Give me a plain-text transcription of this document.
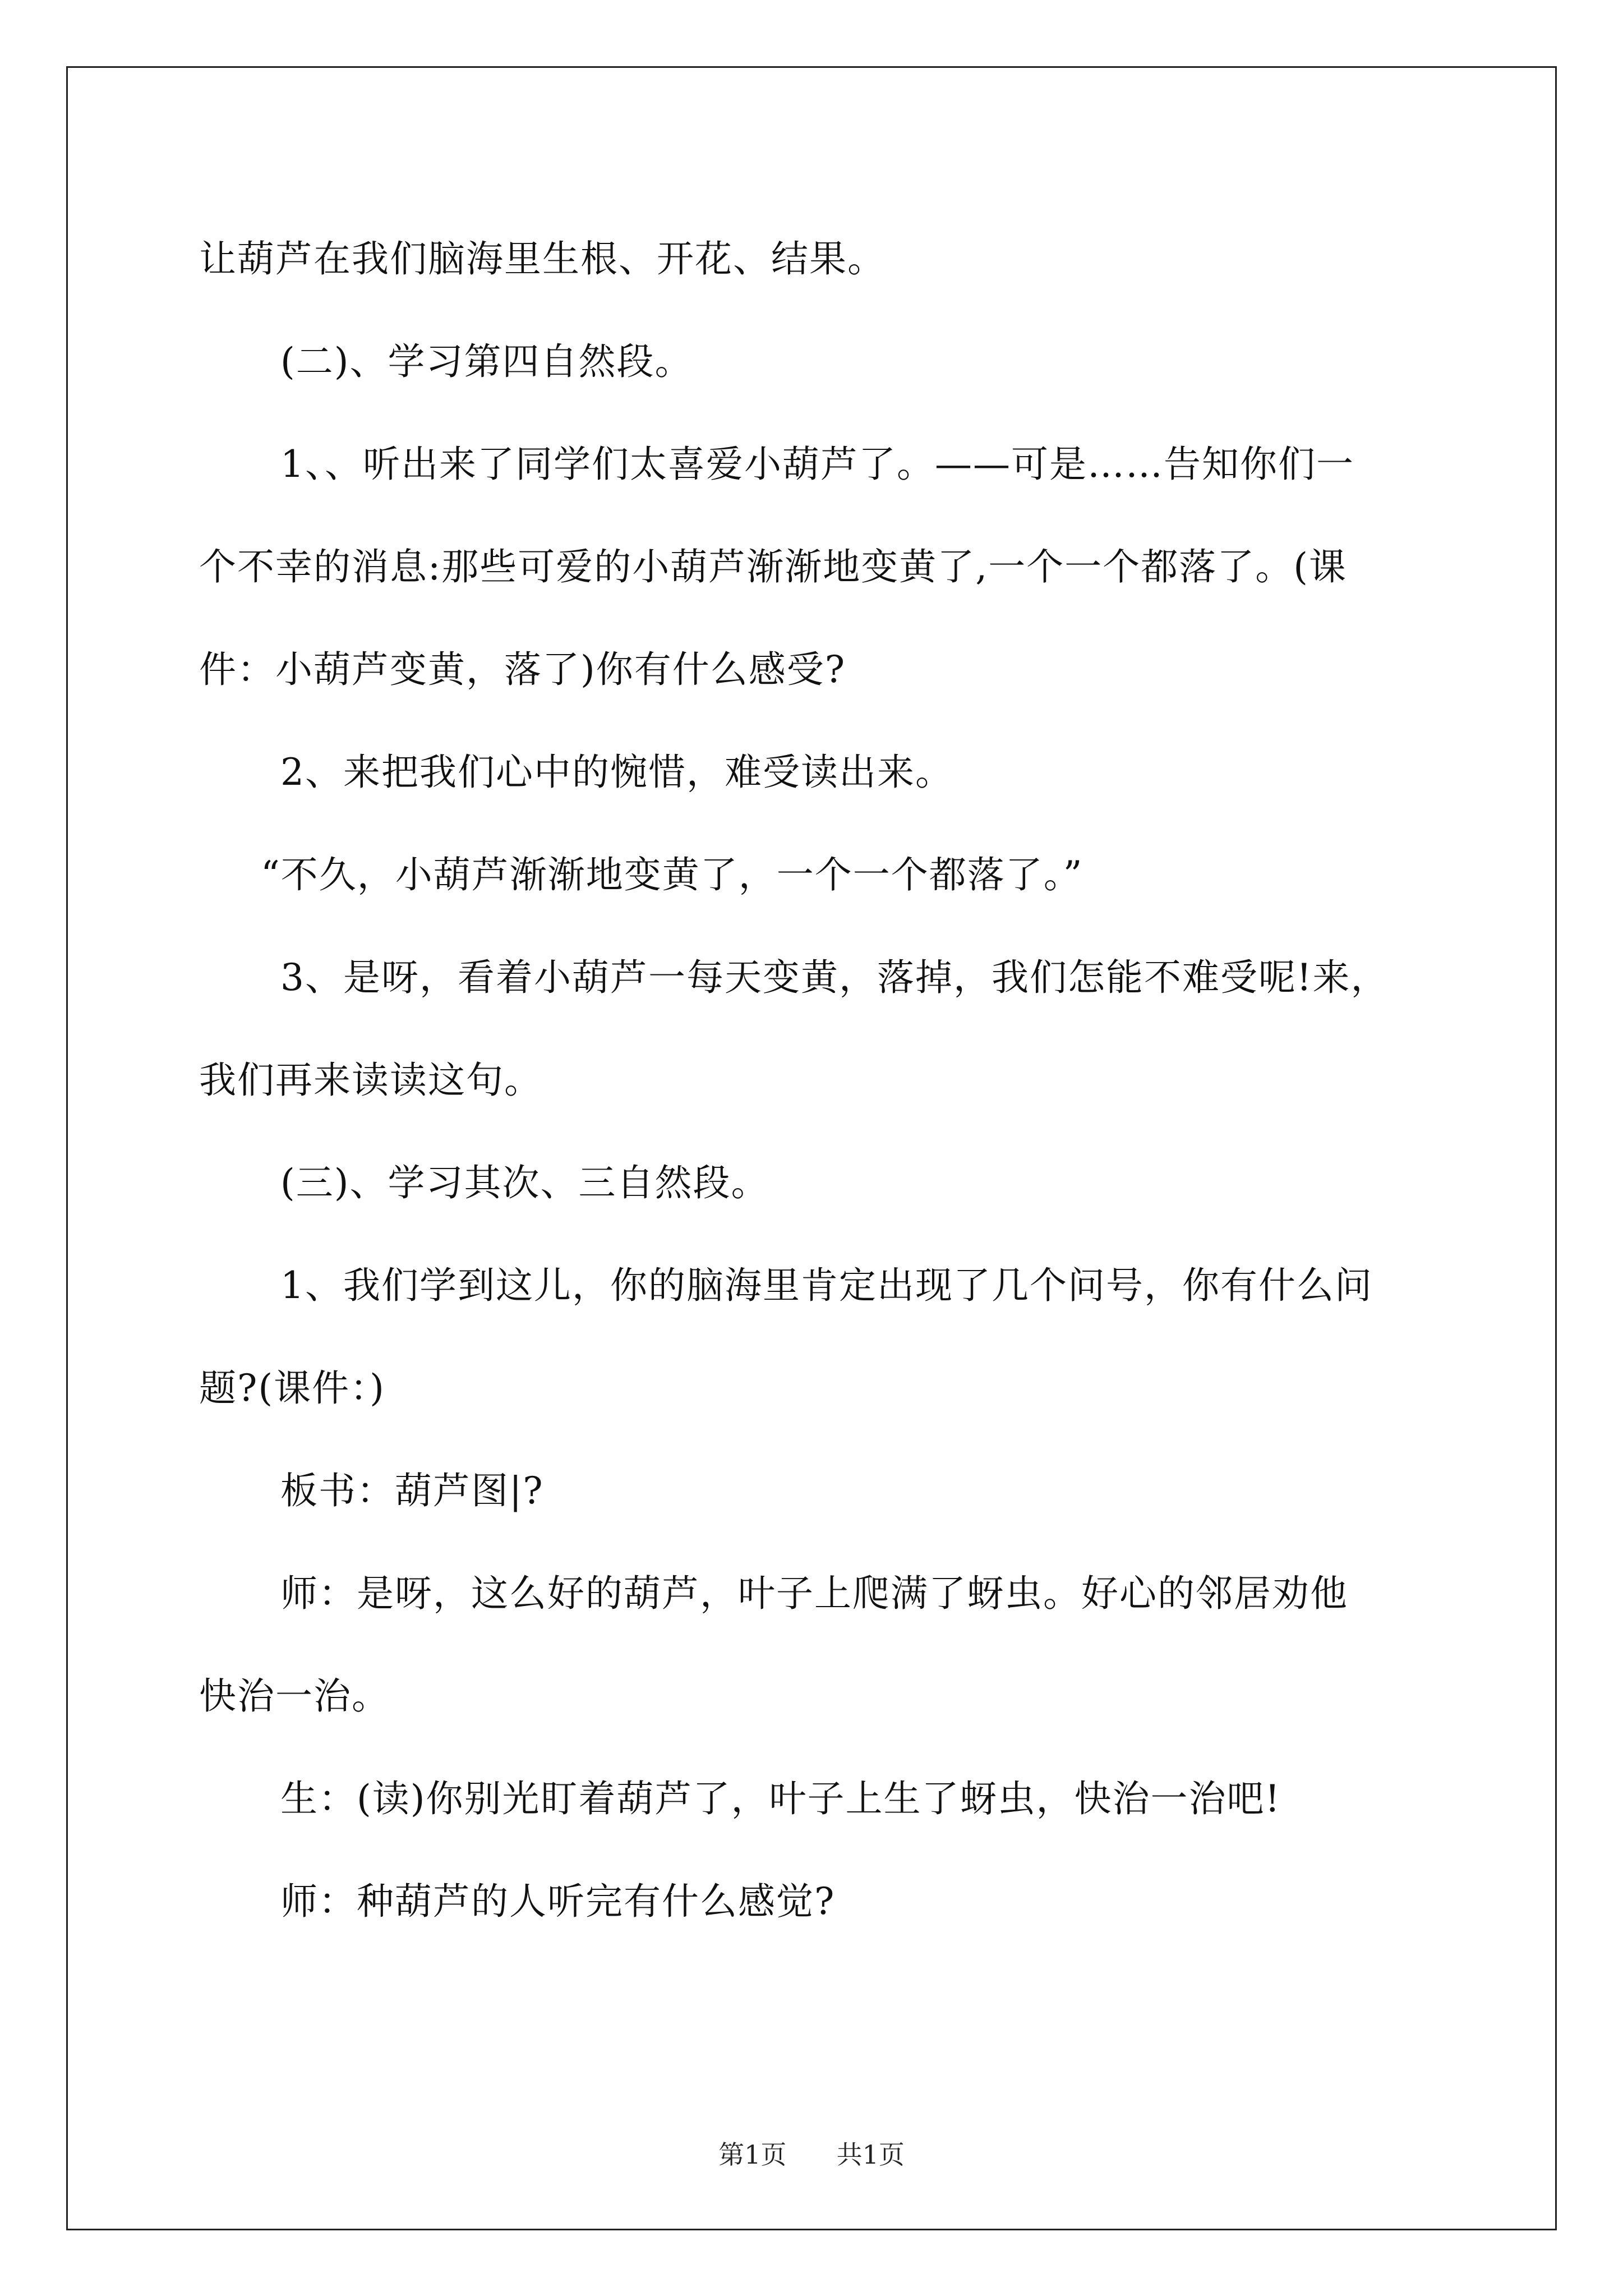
让葫芦在我们脑海里生根、开花、结果。

(二)、学习第四自然段。

1、、听出来了同学们太喜爱小葫芦了。——可是……告知你们一

个不幸的消息:那些可爱的小葫芦渐渐地变黄了,一个一个都落了。(课

件：小葫芦变黄，落了)你有什么感受?

2、来把我们心中的惋惜，难受读出来。

“不久，小葫芦渐渐地变黄了，一个一个都落了。”

3、是呀，看着小葫芦一每天变黄，落掉，我们怎能不难受呢!来，

我们再来读读这句。

(三)、学习其次、三自然段。

1、我们学到这儿，你的脑海里肯定出现了几个问号，你有什么问

题?(课件：)

板书：葫芦图|?

师：是呀，这么好的葫芦，叶子上爬满了蚜虫。好心的邻居劝他

快治一治。

生：(读)你别光盯着葫芦了，叶子上生了蚜虫，快治一治吧!

师：种葫芦的人听完有什么感觉?

第1页 共1页
